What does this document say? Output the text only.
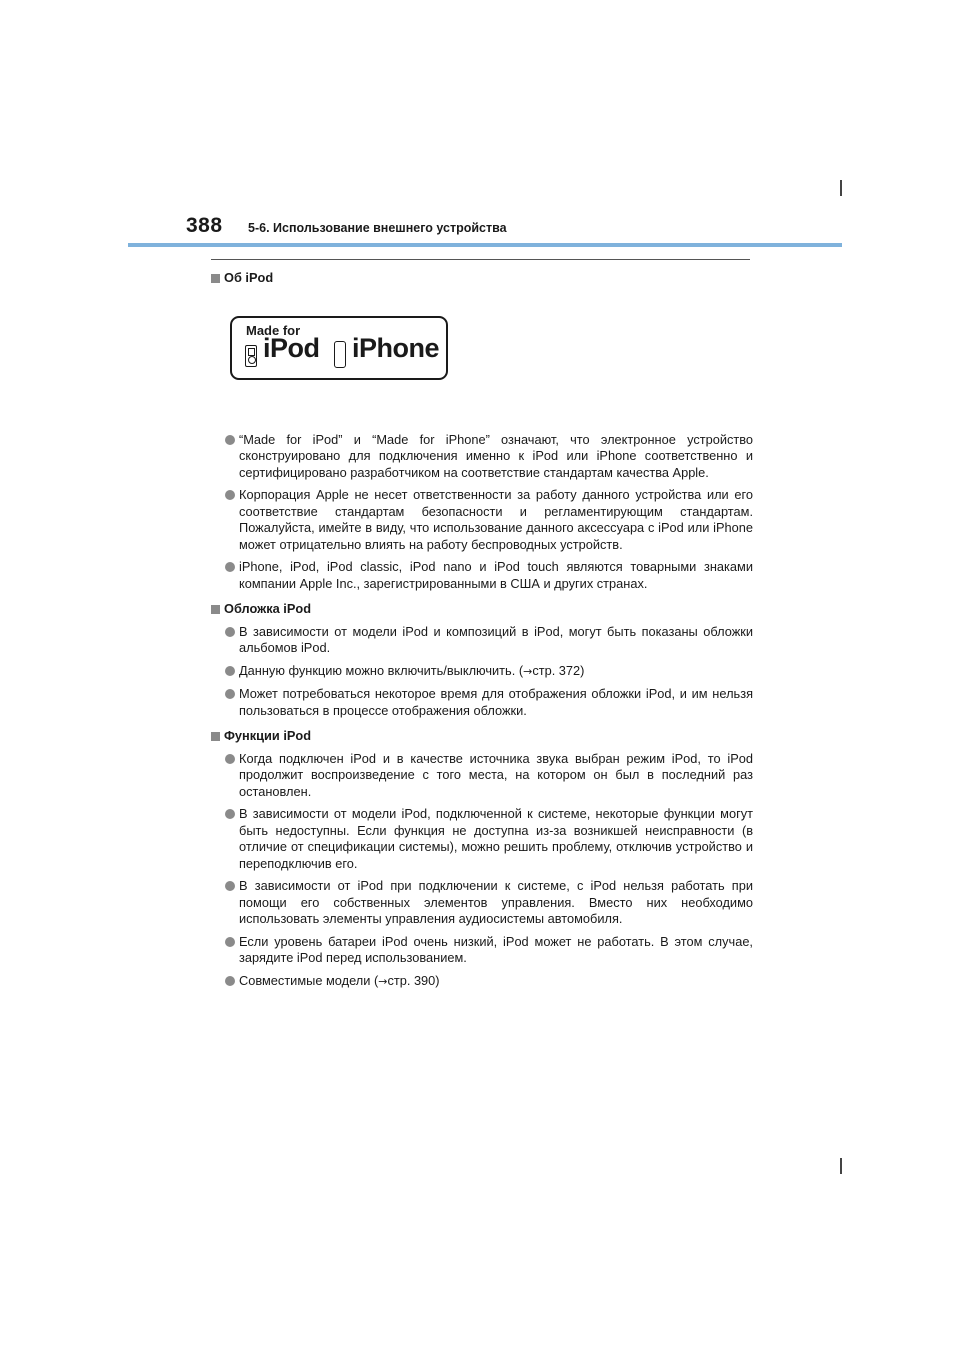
388 5-6. Использование внешнего устройства
Об iPod
Made for
iPod iPhone
“Made for iPod” и “Made for iPhone” означают, что электронное устройство сконструировано для подключения именно к iPod или iPhone соответственно и сертифицировано разработчиком на соответствие стандартам качества Apple.
Корпорация Apple не несет ответственности за работу данного устройства или его соответствие стандартам безопасности и регламентирующим стандартам. Пожалуйста, имейте в виду, что использование данного аксессуара с iPod или iPhone может отрицательно влиять на работу беспроводных устройств.
iPhone, iPod, iPod classic, iPod nano и iPod touch являются товарными знаками компании Apple Inc., зарегистрированными в США и других странах.
Обложка iPod
В зависимости от модели iPod и композиций в iPod, могут быть показаны обложки альбомов iPod.
Данную функцию можно включить/выключить. (→стр. 372)
Может потребоваться некоторое время для отображения обложки iPod, и им нельзя пользоваться в процессе отображения обложки.
Функции iPod
Когда подключен iPod и в качестве источника звука выбран режим iPod, то iPod продолжит воспроизведение с того места, на котором он был в последний раз остановлен.
В зависимости от модели iPod, подключенной к системе, некоторые функции могут быть недоступны. Если функция не доступна из-за возникшей неисправности (в отличие от спецификации системы), можно решить проблему, отключив устройство и переподключив его.
В зависимости от iPod при подключении к системе, с iPod нельзя работать при помощи его собственных элементов управления. Вместо них необходимо использовать элементы управления аудиосистемы автомобиля.
Если уровень батареи iPod очень низкий, iPod может не работать. В этом случае, зарядите iPod перед использованием.
Совместимые модели (→стр. 390)
